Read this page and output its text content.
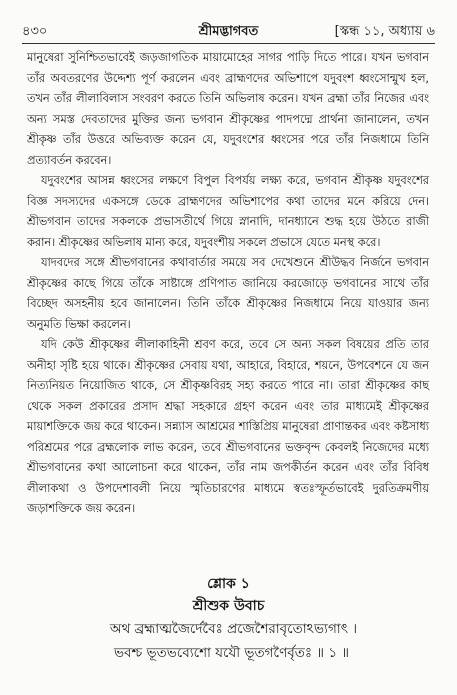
৪৩০	শ্রীমদ্ভাগবত	[স্কন্ধ ১১, অধ্যায় ৬

মানুষেরা সুনিশ্চিতভাবেই জড়জাগতিক মায়ামোহের সাগর পাড়ি দিতে পারে। যখন ভগবান তাঁর অবতরণের উদ্দেশ্য পূর্ণ করলেন এবং ব্রাহ্মণদের অভিশাপে যদুবংশ ধ্বংসোন্মুখ হল, তখন তাঁর লীলাবিলাস সংবরণ করতে তিনি অভিলাষ করেন। যখন ব্রহ্মা তাঁর নিজের এবং অন্য সমস্ত দেবতাদের মুক্তির জন্য ভগবান শ্রীকৃষ্ণের পাদপদ্মে প্রার্থনা জানালেন, তখন শ্রীকৃষ্ণ তাঁর উত্তরে অভিব্যক্ত করেন যে, যদুবংশের ধ্বংসের পরে তাঁর নিজধামে তিনি প্রত্যাবর্তন করবেন।

যদুবংশের আসন্ন ধ্বংসের লক্ষণে বিপুল বিপর্যয় লক্ষ্য করে, ভগবান শ্রীকৃষ্ণ যদুবংশের বিজ্ঞ সদস্যদের একসঙ্গে ডেকে ব্রাহ্মণদের অভিশাপের কথা তাদের মনে করিয়ে দেন। শ্রীভগবান তাদের সকলকে প্রভাসতীর্থে গিয়ে স্নানাদি, দানধ্যানে শুদ্ধ হয়ে উঠতে রাজী করান। শ্রীকৃষ্ণের অভিলাষ মান্য করে, যদুবংশীয় সকলে প্রভাসে যেতে মনস্থ করে।

যাদবদের সঙ্গে শ্রীভগবানের কথাবার্তার সময়ে সব দেখেশুনে শ্রীউদ্ধব নির্জনে ভগবান শ্রীকৃষ্ণের কাছে গিয়ে তাঁকে সাষ্টাঙ্গে প্রণিপাত জানিয়ে করজোড়ে ভগবানের সাথে তাঁর বিচ্ছেদ অসহনীয় হবে জানালেন। তিনি তাঁকে শ্রীকৃষ্ণের নিজধামে নিয়ে যাওয়ার জন্য অনুমতি ভিক্ষা করলেন।

যদি কেউ শ্রীকৃষ্ণের লীলাকাহিনী শ্রবণ করে, তবে সে অন্য সকল বিষয়ের প্রতি তার অনীহা সৃষ্টি হয়ে থাকে। শ্রীকৃষ্ণের সেবায় যথা, আহারে, বিহারে, শয়নে, উপবেশনে যে জন নিত্যনিয়ত নিয়োজিত থাকে, সে শ্রীকৃষ্ণবিরহ সহ্য করতে পারে না। তারা শ্রীকৃষ্ণের কাছ থেকে সকল প্রকারের প্রসাদ শ্রদ্ধা সহকারে গ্রহণ করেন এবং তার মাধ্যমেই শ্রীকৃষ্ণের মায়াশক্তিকে জয় করে থাকেন। সন্ন্যাস আশ্রমের শাস্তিপ্রিয় মানুষেরা প্রাণান্তকর এবং কষ্টসাধ্য পরিশ্রমের পরে ব্রহ্মলোক লাভ করেন, তবে শ্রীভগবানের ভক্তবৃন্দ কেবলই নিজেদের মধ্যে শ্রীভগবানের কথা আলোচনা করে থাকেন, তাঁর নাম জপকীর্তন করেন এবং তাঁর বিবিধ লীলাকথা ও উপদেশাবলী নিয়ে স্মৃতিচারণের মাধ্যমে স্বতঃস্ফূর্তভাবেই দুরতিক্রমণীয় জড়াশক্তিকে জয় করেন।

শ্লোক ১
শ্রীশুক উবাচ
অথ ব্রহ্মাত্মজৈর্দেবৈঃ প্রজেশৈরাবৃতোঽভ্যগাৎ ।
ভবশ্চ ভূতভব্যেশো যযৌ ভূতগণৈর্বৃতঃ ॥ ১ ॥
